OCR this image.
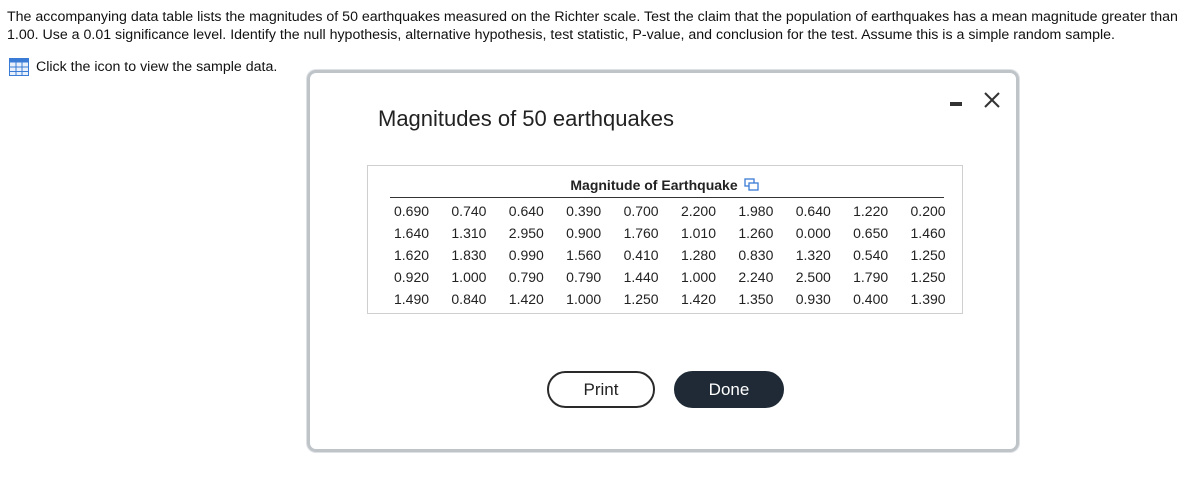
The accompanying data table lists the magnitudes of 50 earthquakes measured on the Richter scale. Test the claim that the population of earthquakes has a mean magnitude greater than 1.00. Use a 0.01 significance level. Identify the null hypothesis, alternative hypothesis, test statistic, P-value, and conclusion for the test. Assume this is a simple random sample.
Click the icon to view the sample data.
Magnitudes of 50 earthquakes
Magnitude of Earthquake
0.690	0.740	0.640	0.390	0.700	2.200	1.980	0.640	1.220	0.200
1.640	1.310	2.950	0.900	1.760	1.010	1.260	0.000	0.650	1.460
1.620	1.830	0.990	1.560	0.410	1.280	0.830	1.320	0.540	1.250
0.920	1.000	0.790	0.790	1.440	1.000	2.240	2.500	1.790	1.250
1.490	0.840	1.420	1.000	1.250	1.420	1.350	0.930	0.400	1.390
Print	Done
